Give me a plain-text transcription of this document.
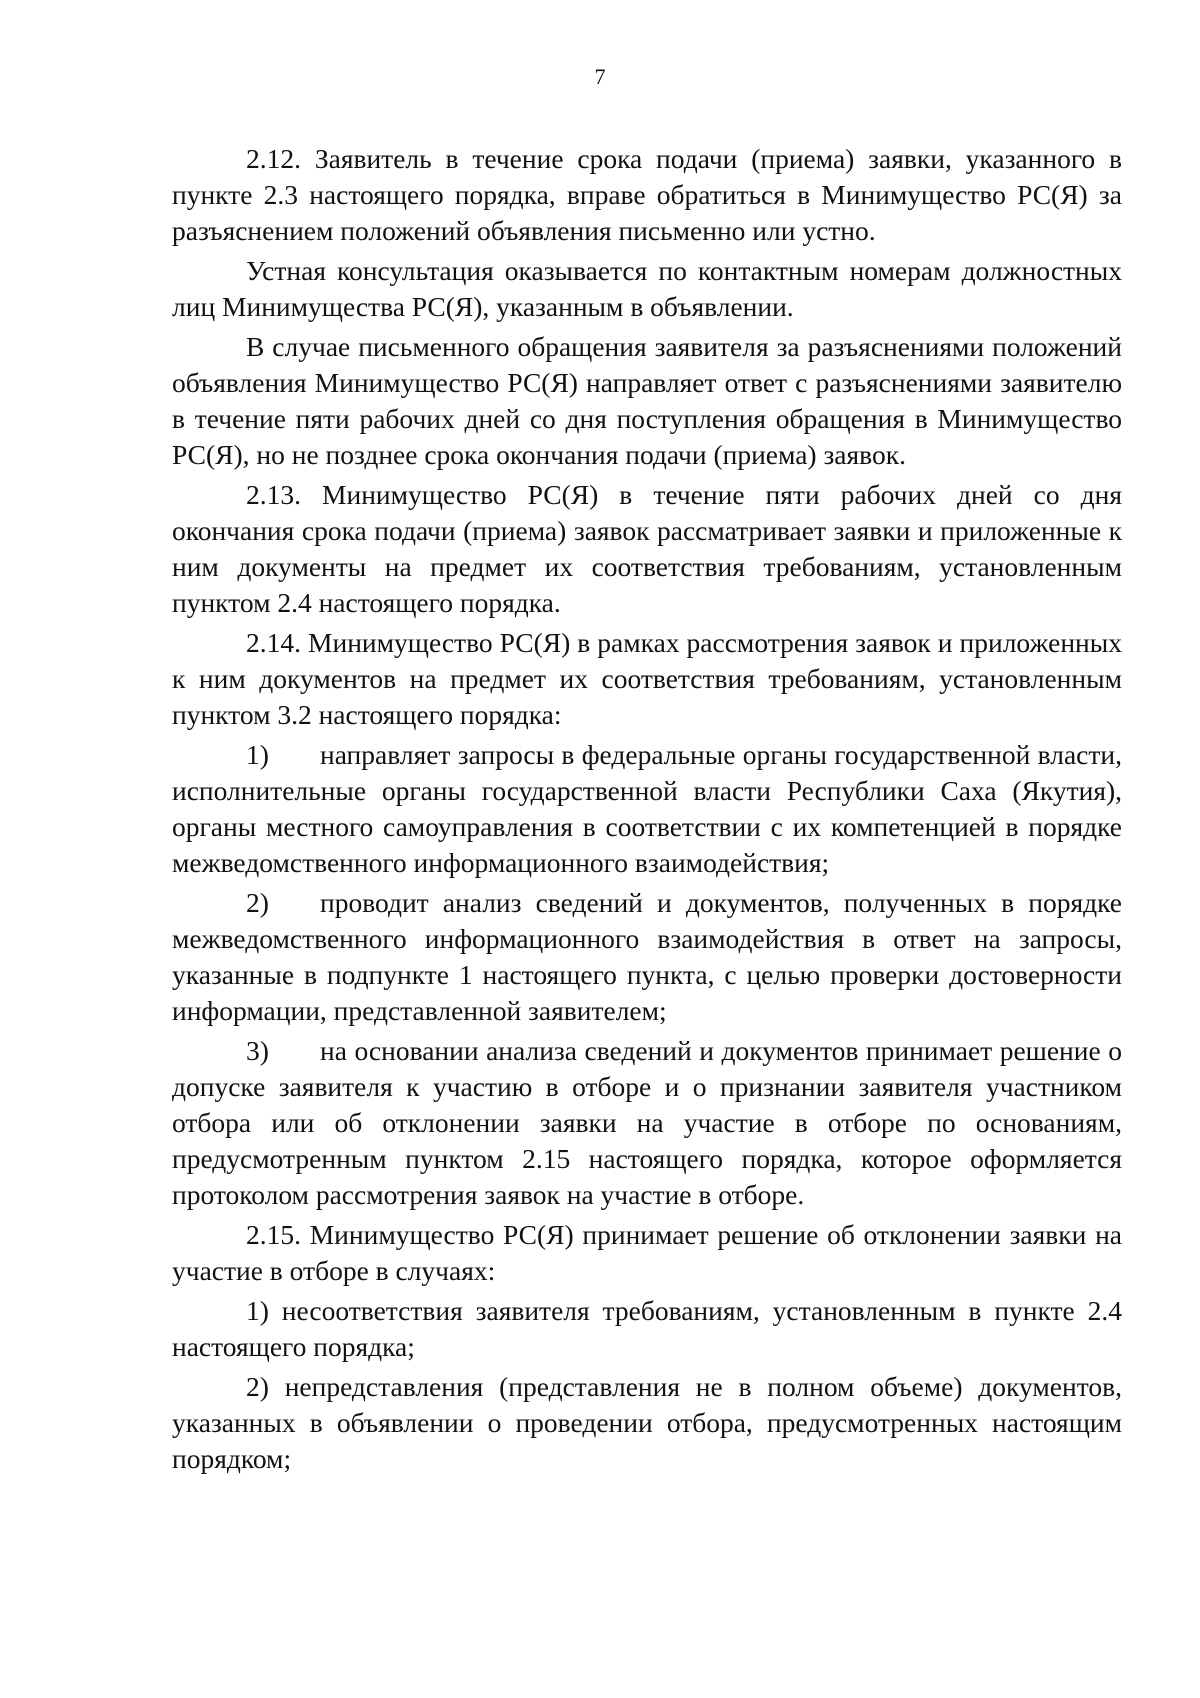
7

2.12. Заявитель в течение срока подачи (приема) заявки, указанного в пункте 2.3 настоящего порядка, вправе обратиться в Минимущество РС(Я) за разъяснением положений объявления письменно или устно.

Устная консультация оказывается по контактным номерам должностных лиц Минимущества РС(Я), указанным в объявлении.

В случае письменного обращения заявителя за разъяснениями положений объявления Минимущество РС(Я) направляет ответ с разъяснениями заявителю в течение пяти рабочих дней со дня поступления обращения в Минимущество РС(Я), но не позднее срока окончания подачи (приема) заявок.

2.13. Минимущество РС(Я) в течение пяти рабочих дней со дня окончания срока подачи (приема) заявок рассматривает заявки и приложенные к ним документы на предмет их соответствия требованиям, установленным пунктом 2.4 настоящего порядка.

2.14. Минимущество РС(Я) в рамках рассмотрения заявок и приложенных к ним документов на предмет их соответствия требованиям, установленным пунктом 3.2 настоящего порядка:

1) направляет запросы в федеральные органы государственной власти, исполнительные органы государственной власти Республики Саха (Якутия), органы местного самоуправления в соответствии с их компетенцией в порядке межведомственного информационного взаимодействия;

2) проводит анализ сведений и документов, полученных в порядке межведомственного информационного взаимодействия в ответ на запросы, указанные в подпункте 1 настоящего пункта, с целью проверки достоверности информации, представленной заявителем;

3) на основании анализа сведений и документов принимает решение о допуске заявителя к участию в отборе и о признании заявителя участником отбора или об отклонении заявки на участие в отборе по основаниям, предусмотренным пунктом 2.15 настоящего порядка, которое оформляется протоколом рассмотрения заявок на участие в отборе.

2.15. Минимущество РС(Я) принимает решение об отклонении заявки на участие в отборе в случаях:

1) несоответствия заявителя требованиям, установленным в пункте 2.4 настоящего порядка;

2) непредставления (представления не в полном объеме) документов, указанных в объявлении о проведении отбора, предусмотренных настоящим порядком;
